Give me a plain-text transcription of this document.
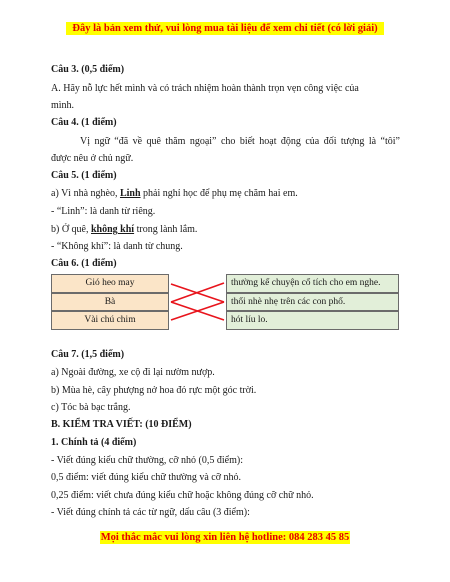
Đây là bản xem thử, vui lòng mua tài liệu để xem chi tiết (có lời giải)
Câu 3. (0,5 điểm)
A. Hãy nỗ lực hết mình và có trách nhiệm hoàn thành trọn vẹn công việc của
mình.
Câu 4. (1 điểm)
Vị ngữ “đã về quê thăm ngoại” cho biết hoạt động của đối tượng là “tôi”
được nêu ở chủ ngữ.
Câu 5. (1 điểm)
a) Vì nhà nghèo, Linh phải nghỉ học để phụ mẹ chăm hai em.
- “Linh”: là danh từ riêng.
b) Ở quê, không khí trong lành lắm.
- “Không khí”: là danh từ chung.
Câu 6. (1 điểm)
Gió heo may
Bà
Vài chú chim
thường kể chuyện cổ tích cho em nghe.
thổi nhè nhẹ trên các con phố.
hót líu lo.
Câu 7. (1,5 điểm)
a) Ngoài đường, xe cộ đi lại nườm nượp.
b) Mùa hè, cây phượng nở hoa đỏ rực một góc trời.
c) Tóc bà bạc trắng.
B. KIỂM TRA VIẾT: (10 ĐIỂM)
1. Chính tả (4 điểm)
- Viết đúng kiểu chữ thường, cỡ nhỏ (0,5 điểm):
0,5 điểm: viết đúng kiểu chữ thường và cỡ nhỏ.
0,25 điểm: viết chưa đúng kiểu chữ hoặc không đúng cỡ chữ nhỏ.
- Viết đúng chính tả các từ ngữ, dấu câu (3 điểm):
Mọi thắc mắc vui lòng xin liên hệ hotline: 084 283 45 85
